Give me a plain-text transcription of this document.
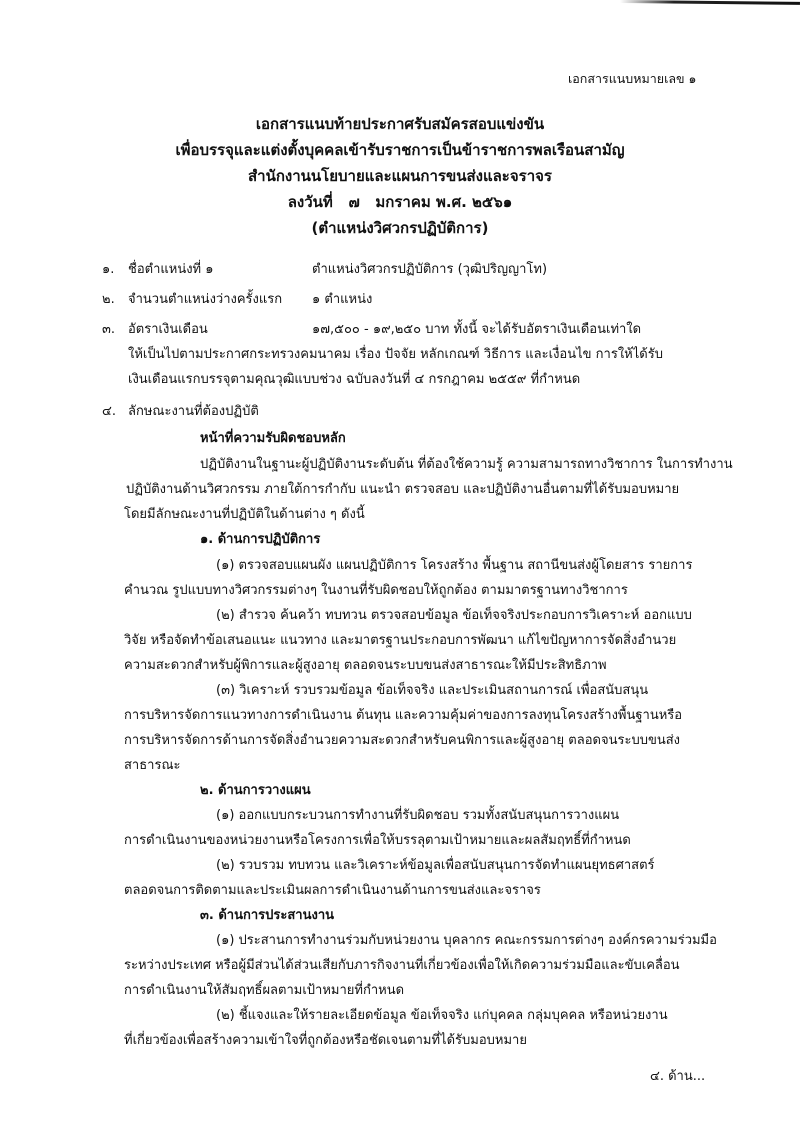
เอกสารแนบหมายเลข ๑
เอกสารแนบท้ายประกาศรับสมัครสอบแข่งขัน
เพื่อบรรจุและแต่งตั้งบุคคลเข้ารับราชการเป็นข้าราชการพลเรือนสามัญ
สำนักงานนโยบายและแผนการขนส่งและจราจร
ลงวันที่ ๗ มกราคม พ.ศ. ๒๕๖๑
(ตำแหน่งวิศวกรปฏิบัติการ)
๑. ชื่อตำแหน่งที่ ๑	ตำแหน่งวิศวกรปฏิบัติการ (วุฒิปริญญาโท)
๒. จำนวนตำแหน่งว่างครั้งแรก ๑ ตำแหน่ง
๓. อัตราเงินเดือน	๑๗,๕๐๐ - ๑๙,๒๕๐ บาท ทั้งนี้ จะได้รับอัตราเงินเดือนเท่าใด
ให้เป็นไปตามประกาศกระทรวงคมนาคม เรื่อง ปัจจัย หลักเกณฑ์ วิธีการ และเงื่อนไข การให้ได้รับ
เงินเดือนแรกบรรจุตามคุณวุฒิแบบช่วง ฉบับลงวันที่ ๔ กรกฎาคม ๒๕๕๙ ที่กำหนด
๔. ลักษณะงานที่ต้องปฏิบัติ
หน้าที่ความรับผิดชอบหลัก
ปฏิบัติงานในฐานะผู้ปฏิบัติงานระดับต้น ที่ต้องใช้ความรู้ ความสามารถทางวิชาการ ในการทำงาน
ปฏิบัติงานด้านวิศวกรรม ภายใต้การกำกับ แนะนำ ตรวจสอบ และปฏิบัติงานอื่นตามที่ได้รับมอบหมาย
โดยมีลักษณะงานที่ปฏิบัติในด้านต่าง ๆ ดังนี้
๑. ด้านการปฏิบัติการ
(๑) ตรวจสอบแผนผัง แผนปฏิบัติการ โครงสร้าง พื้นฐาน สถานีขนส่งผู้โดยสาร รายการ
คำนวณ รูปแบบทางวิศวกรรมต่างๆ ในงานที่รับผิดชอบให้ถูกต้อง ตามมาตรฐานทางวิชาการ
(๒) สำรวจ ค้นคว้า ทบทวน ตรวจสอบข้อมูล ข้อเท็จจริงประกอบการวิเคราะห์ ออกแบบ
วิจัย หรือจัดทำข้อเสนอแนะ แนวทาง และมาตรฐานประกอบการพัฒนา แก้ไขปัญหาการจัดสิ่งอำนวย
ความสะดวกสำหรับผู้พิการและผู้สูงอายุ ตลอดจนระบบขนส่งสาธารณะให้มีประสิทธิภาพ
(๓) วิเคราะห์ รวบรวมข้อมูล ข้อเท็จจริง และประเมินสถานการณ์ เพื่อสนับสนุน
การบริหารจัดการแนวทางการดำเนินงาน ต้นทุน และความคุ้มค่าของการลงทุนโครงสร้างพื้นฐานหรือ
การบริหารจัดการด้านการจัดสิ่งอำนวยความสะดวกสำหรับคนพิการและผู้สูงอายุ ตลอดจนระบบขนส่ง
สาธารณะ
๒. ด้านการวางแผน
(๑) ออกแบบกระบวนการทำงานที่รับผิดชอบ รวมทั้งสนับสนุนการวางแผน
การดำเนินงานของหน่วยงานหรือโครงการเพื่อให้บรรลุตามเป้าหมายและผลสัมฤทธิ์ที่กำหนด
(๒) รวบรวม ทบทวน และวิเคราะห์ข้อมูลเพื่อสนับสนุนการจัดทำแผนยุทธศาสตร์
ตลอดจนการติดตามและประเมินผลการดำเนินงานด้านการขนส่งและจราจร
๓. ด้านการประสานงาน
(๑) ประสานการทำงานร่วมกับหน่วยงาน บุคลากร คณะกรรมการต่างๆ องค์กรความร่วมมือ
ระหว่างประเทศ หรือผู้มีส่วนได้ส่วนเสียกับภารกิจงานที่เกี่ยวข้องเพื่อให้เกิดความร่วมมือและขับเคลื่อน
การดำเนินงานให้สัมฤทธิ์ผลตามเป้าหมายที่กำหนด
(๒) ชี้แจงและให้รายละเอียดข้อมูล ข้อเท็จจริง แก่บุคคล กลุ่มบุคคล หรือหน่วยงาน
ที่เกี่ยวข้องเพื่อสร้างความเข้าใจที่ถูกต้องหรือชัดเจนตามที่ได้รับมอบหมาย
๔. ด้าน...
